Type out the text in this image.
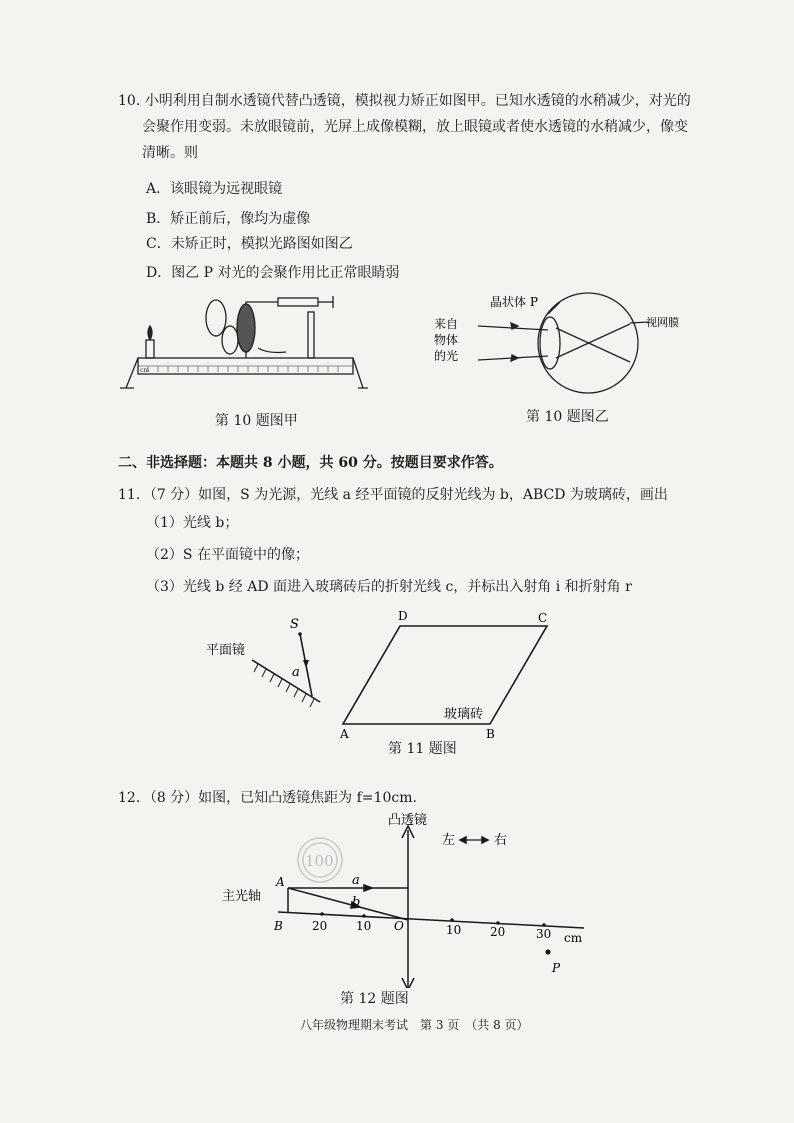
10. 小明利用自制水透镜代替凸透镜，模拟视力矫正如图甲。已知水透镜的水稍减少，对光的
会聚作用变弱。未放眼镜前，光屏上成像模糊，放上眼镜或者使水透镜的水稍减少，像变
清晰。则
A．该眼镜为远视眼镜
B．矫正前后，像均为虚像
C．未矫正时，模拟光路图如图乙
D．图乙 P 对光的会聚作用比正常眼睛弱
cm
晶状体 P
视网膜
来自
物体
的光
第 10 题图甲	第 10 题图乙
二、非选择题：本题共 8 小题，共 60 分。按题目要求作答。
11．（7 分）如图，S 为光源，光线 a 经平面镜的反射光线为 b，ABCD 为玻璃砖，画出
（1）光线 b；
（2）S 在平面镜中的像；
（3）光线 b 经 AD 面进入玻璃砖后的折射光线 c，并标出入射角 i 和折射角 r
S
a
平面镜
玻璃砖
A	B
C
D
第 11 题图
12．（8 分）如图，已知凸透镜焦距为 f=10cm.
100
凸透镜
左	右
主光轴
A
B	O
a
b
P
20 10	10 20	30 cm
第 12 题图
八年级物理期末考试　第 3 页　（共 8 页）
